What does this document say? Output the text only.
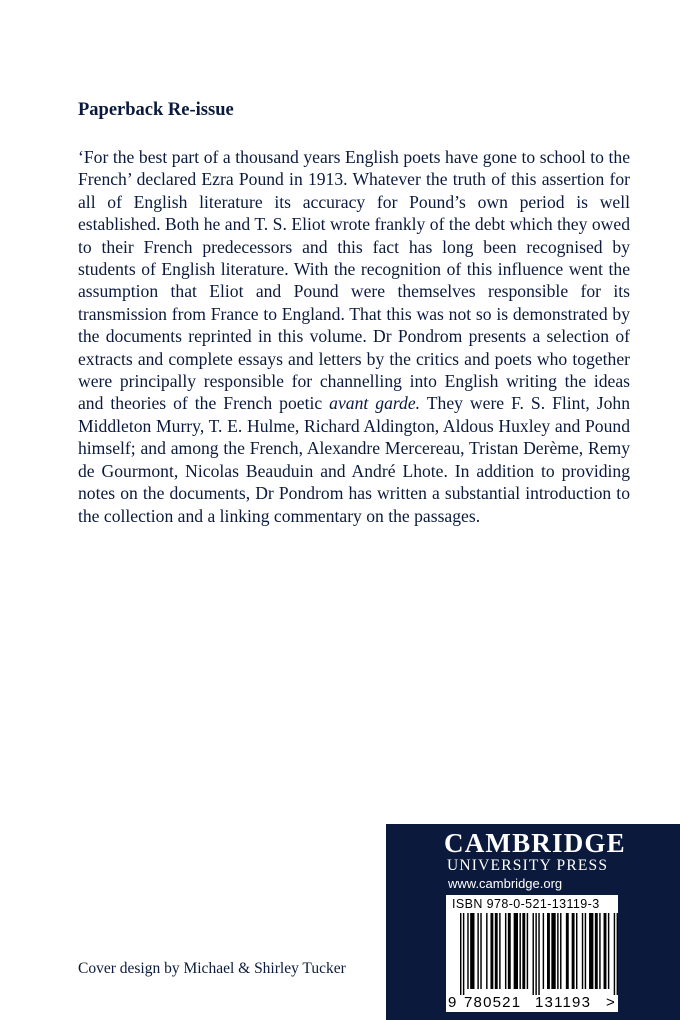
Paperback Re-issue

‘For the best part of a thousand years English poets have gone to school to the French’ declared Ezra Pound in 1913. Whatever the truth of this assertion for all of English literature its accuracy for Pound’s own period is well established. Both he and T. S. Eliot wrote frankly of the debt which they owed to their French predecessors and this fact has long been recognised by students of English literature. With the recognition of this influence went the assumption that Eliot and Pound were themselves responsible for its transmission from France to England. That this was not so is demonstrated by the documents reprinted in this volume. Dr Pondrom presents a selection of extracts and complete essays and letters by the critics and poets who together were principally responsible for channelling into English writing the ideas and theories of the French poetic avant garde. They were F. S. Flint, John Middleton Murry, T. E. Hulme, Richard Aldington, Aldous Huxley and Pound himself; and among the French, Alexandre Mercereau, Tristan Derème, Remy de Gourmont, Nicolas Beauduin and André Lhote. In addition to providing notes on the documents, Dr Pondrom has written a substantial introduction to the collection and a linking commentary on the passages.

Cover design by Michael & Shirley Tucker

CAMBRIDGE
UNIVERSITY PRESS
www.cambridge.org
ISBN 978-0-521-13119-3
9 780521 131193 >
